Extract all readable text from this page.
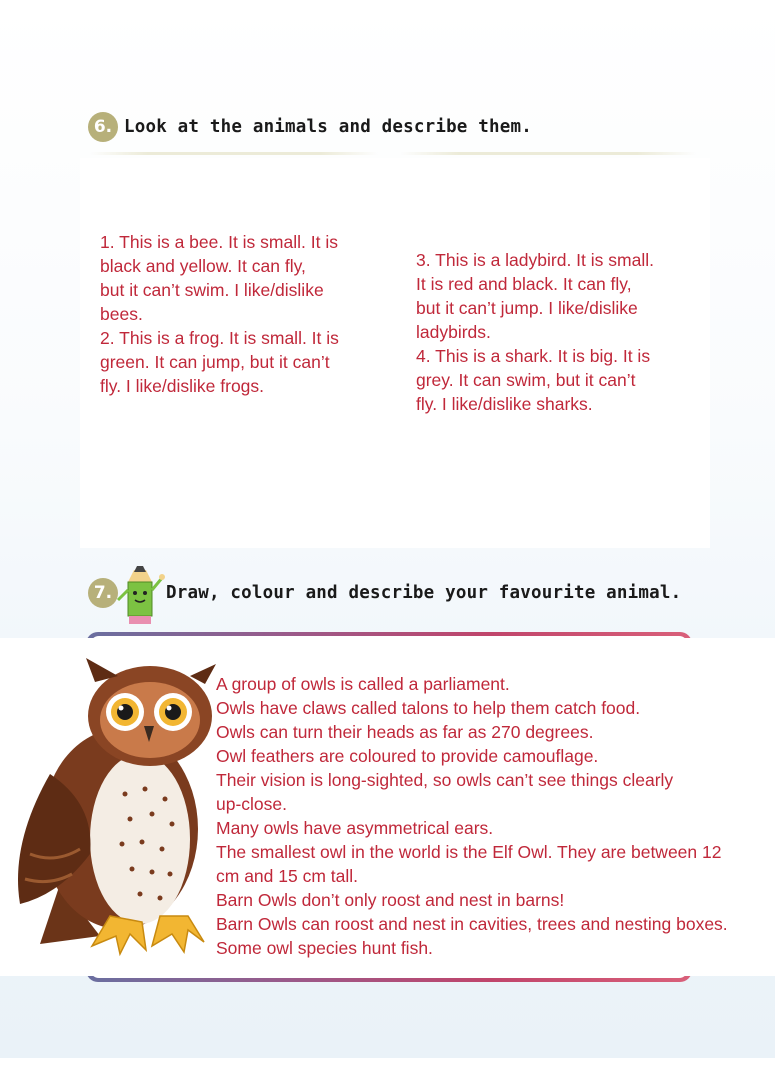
6. Look at the animals and describe them.

1. This is a bee. It is small. It is

black and yellow. It can fly,

but it can’t swim. I like/dislike

bees.

2. This is a frog. It is small. It is

green. It can jump, but it can’t

fly. I like/dislike frogs.

3. This is a ladybird. It is small.

It is red and black. It can fly,

but it can’t jump. I like/dislike

ladybirds.

4. This is a shark. It is big. It is

grey. It can swim, but it can’t

fly. I like/dislike sharks.

7.	Draw, colour and describe your favourite animal.

A group of owls is called a parliament.

Owls have claws called talons to help them catch food.

Owls can turn their heads as far as 270 degrees.

Owl feathers are coloured to provide camouflage.

Their vision is long-sighted, so owls can’t see things clearly

up-close.

Many owls have asymmetrical ears.

The smallest owl in the world is the Elf Owl. They are between 12

cm and 15 cm tall.

Barn Owls don’t only roost and nest in barns!

Barn Owls can roost and nest in cavities, trees and nesting boxes.

Some owl species hunt fish.
